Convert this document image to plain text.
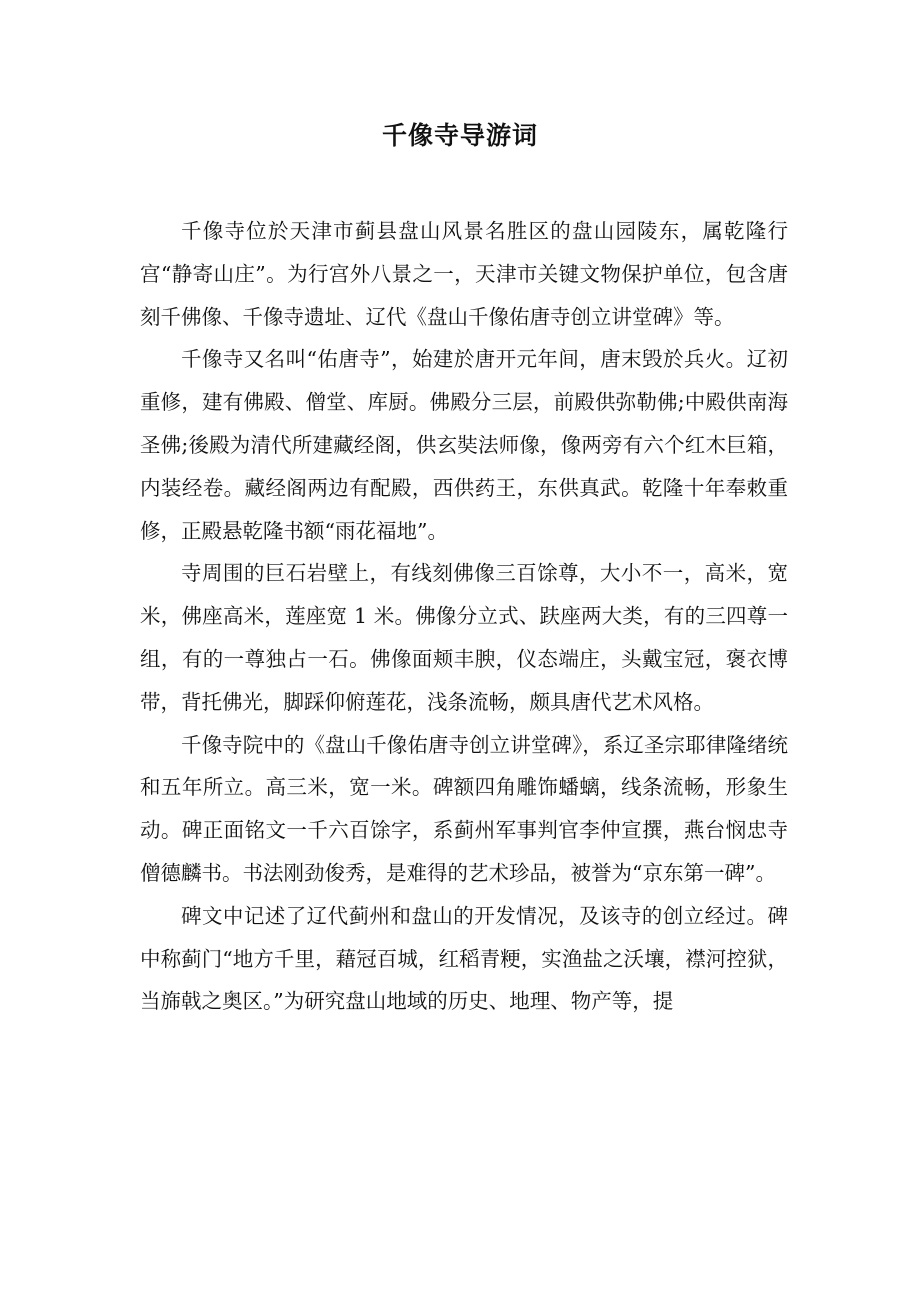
千像寺导游词

千像寺位於天津市蓟县盘山风景名胜区的盘山园陵东，属乾隆行宫“静寄山庄”。为行宫外八景之一，天津市关键文物保护单位，包含唐刻千佛像、千像寺遗址、辽代《盘山千像佑唐寺创立讲堂碑》等。

千像寺又名叫“佑唐寺”，始建於唐开元年间，唐末毁於兵火。辽初重修，建有佛殿、僧堂、库厨。佛殿分三层，前殿供弥勒佛;中殿供南海圣佛;後殿为清代所建藏经阁，供玄奘法师像，像两旁有六个红木巨箱，内装经卷。藏经阁两边有配殿，西供药王，东供真武。乾隆十年奉敕重修，正殿悬乾隆书额“雨花福地”。

寺周围的巨石岩壁上，有线刻佛像三百馀尊，大小不一，高米，宽米，佛座高米，莲座宽 1 米。佛像分立式、趺座两大类，有的三四尊一组，有的一尊独占一石。佛像面颊丰腴，仪态端庄，头戴宝冠，褒衣博带，背托佛光，脚踩仰俯莲花，浅条流畅，颇具唐代艺术风格。

千像寺院中的《盘山千像佑唐寺创立讲堂碑》，系辽圣宗耶律隆绪统和五年所立。高三米，宽一米。碑额四角雕饰蟠螭，线条流畅，形象生动。碑正面铭文一千六百馀字，系蓟州军事判官李仲宣撰，燕台悯忠寺僧德麟书。书法刚劲俊秀，是难得的艺术珍品，被誉为“京东第一碑”。

碑文中记述了辽代蓟州和盘山的开发情况，及该寺的创立经过。碑中称蓟门“地方千里，藉冠百城，红稻青粳，实渔盐之沃壤，襟河控狱，当旆戟之奥区。”为研究盘山地域的历史、地理、物产等，提
